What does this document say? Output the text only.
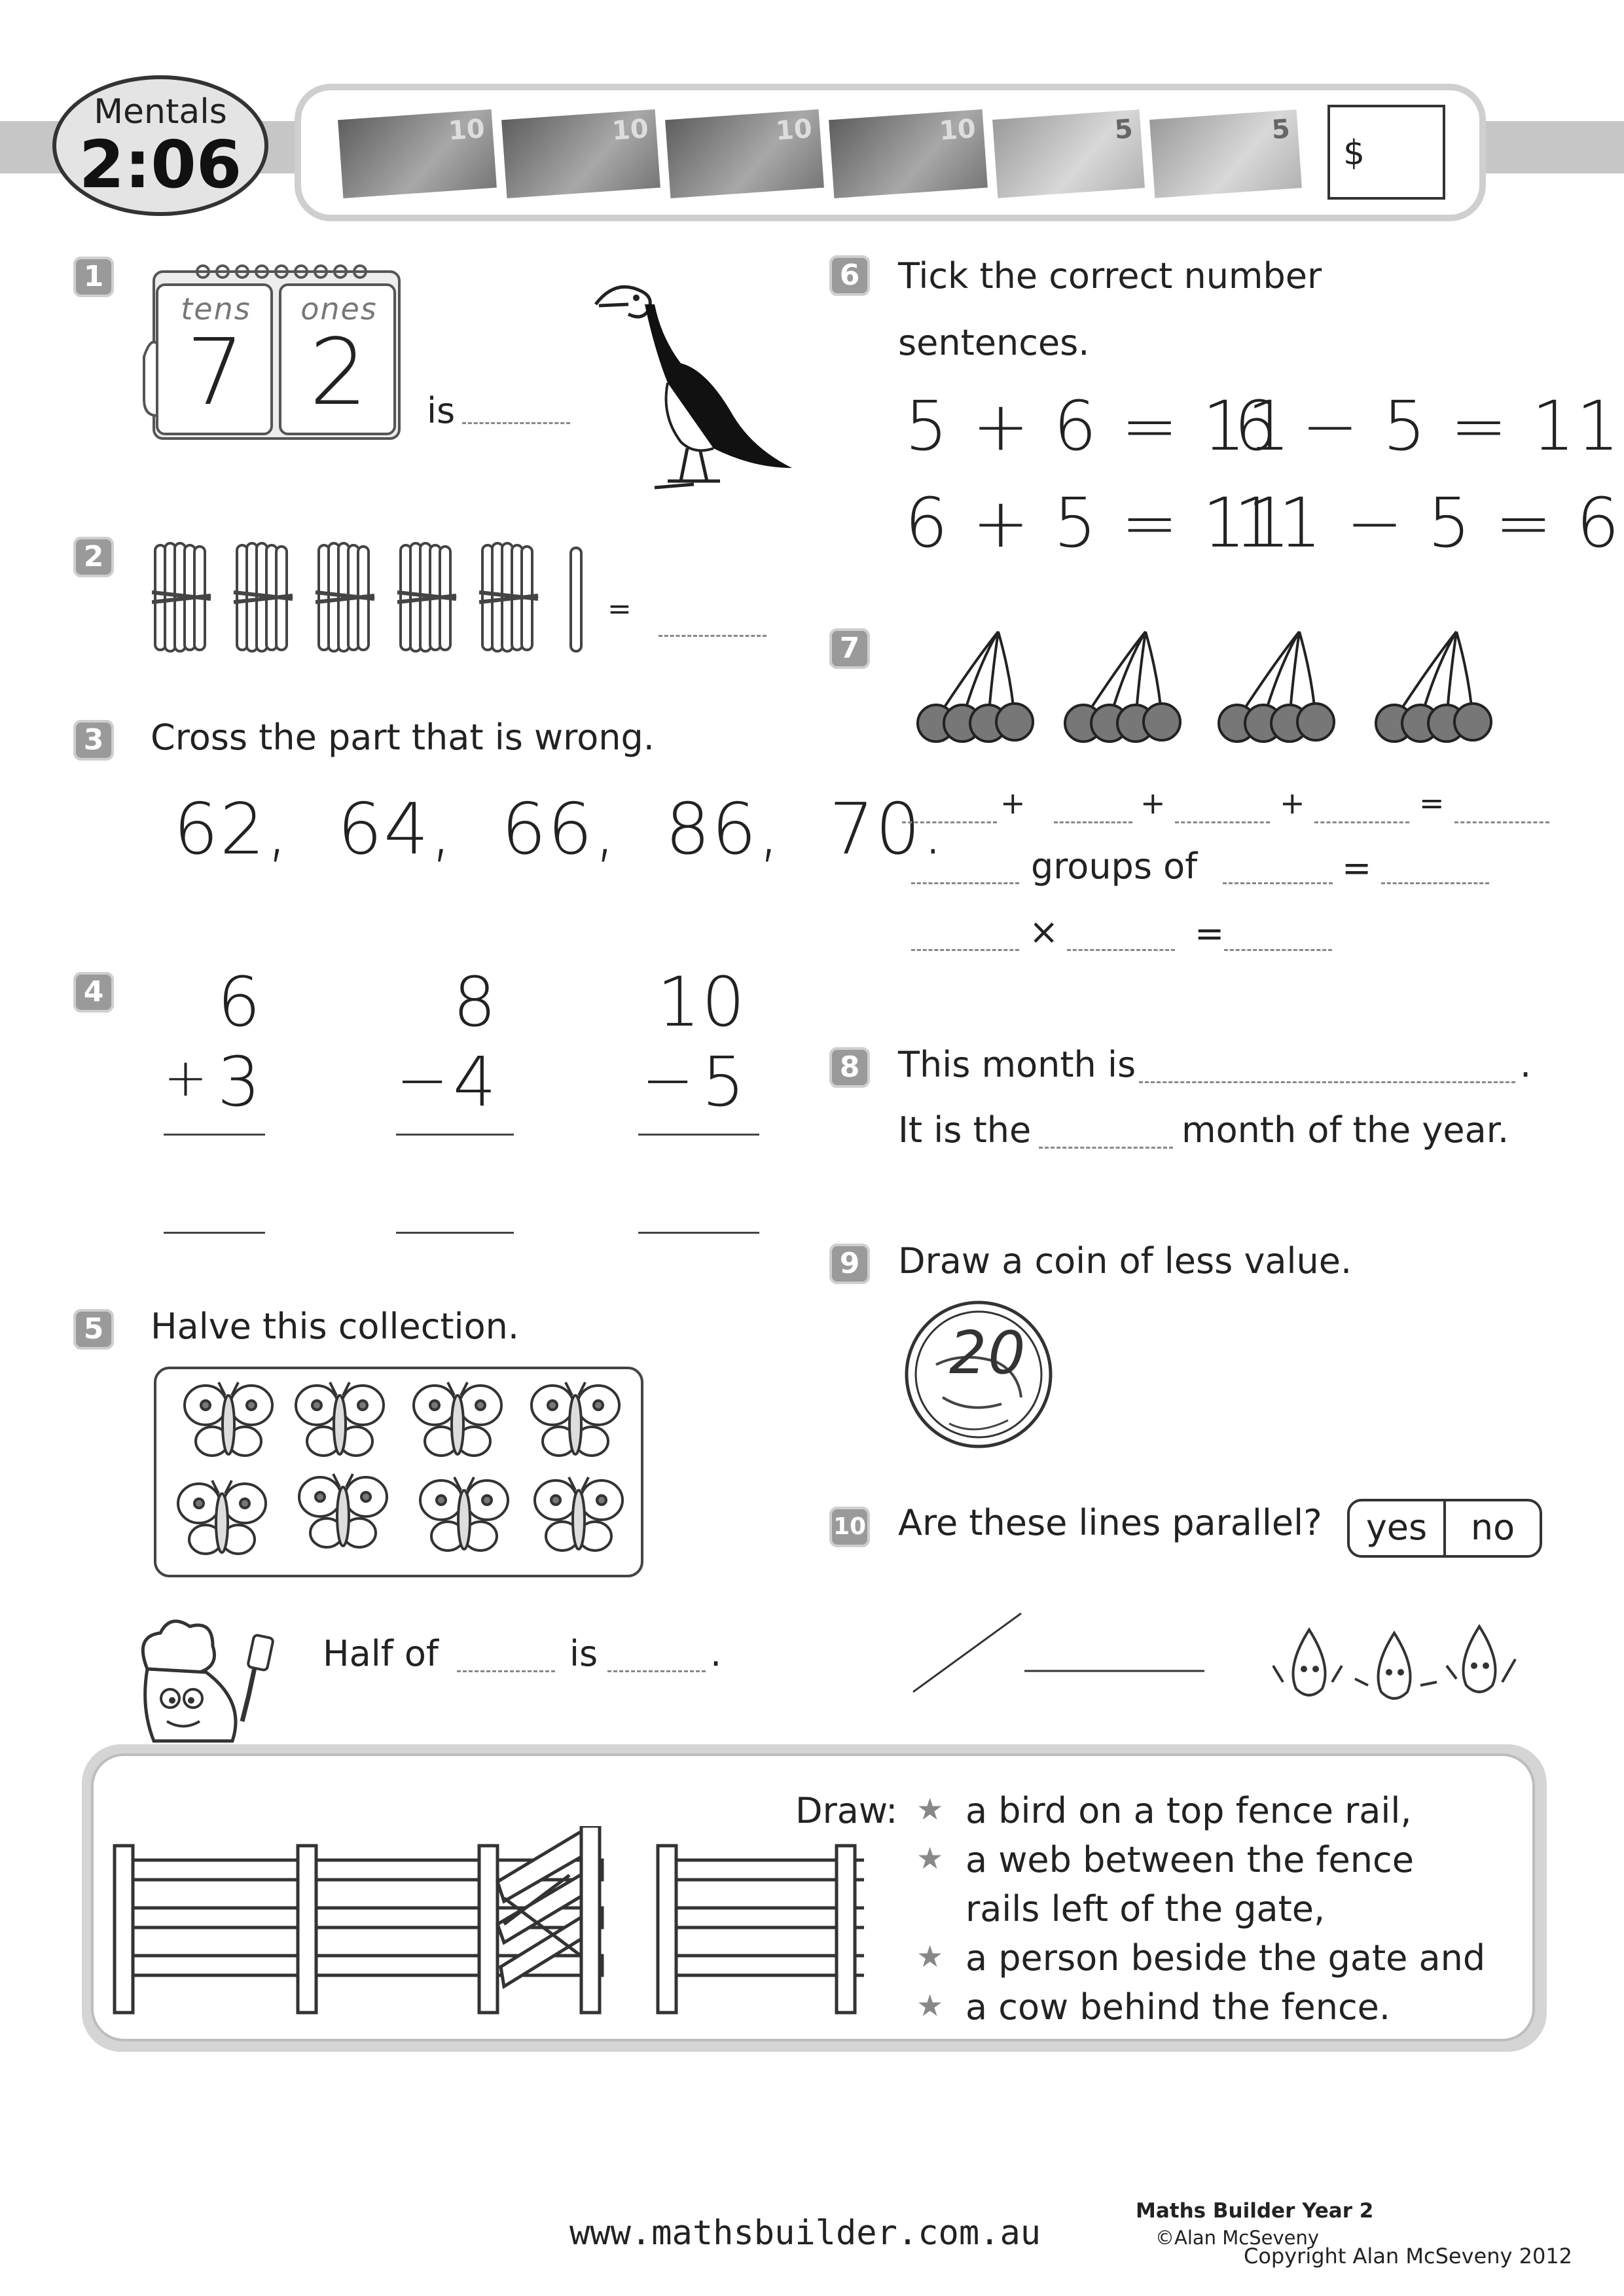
Mentals
2:06	10	10	10	10	5	5
$
1
tens	ones
7 2	is
2
=
3 Cross the part that is wrong.
62,  64,  66,  86,  70.
4 6
+ 3
8
− 4
10
− 5
5 Halve this collection.
Half of	is	.
6 Tick the correct number
sentences.
5 + 6 = 11
6 − 5 = 11
6 + 5 = 11
11 − 5 = 6
7
+	+	+	=
groups of	=
×	=
8 This month is	.
It is the	month of the year.
9 Draw a coin of less value.
20
10 Are these lines parallel?	yes	no
Draw: ★ a bird on a top fence rail,
★ a web between the fence
rails left of the gate,
★ a person beside the gate and
★ a cow behind the fence.
www.mathsbuilder.com.au
Maths Builder Year 2
©Alan McSeveny
Copyright Alan McSeveny 2012
